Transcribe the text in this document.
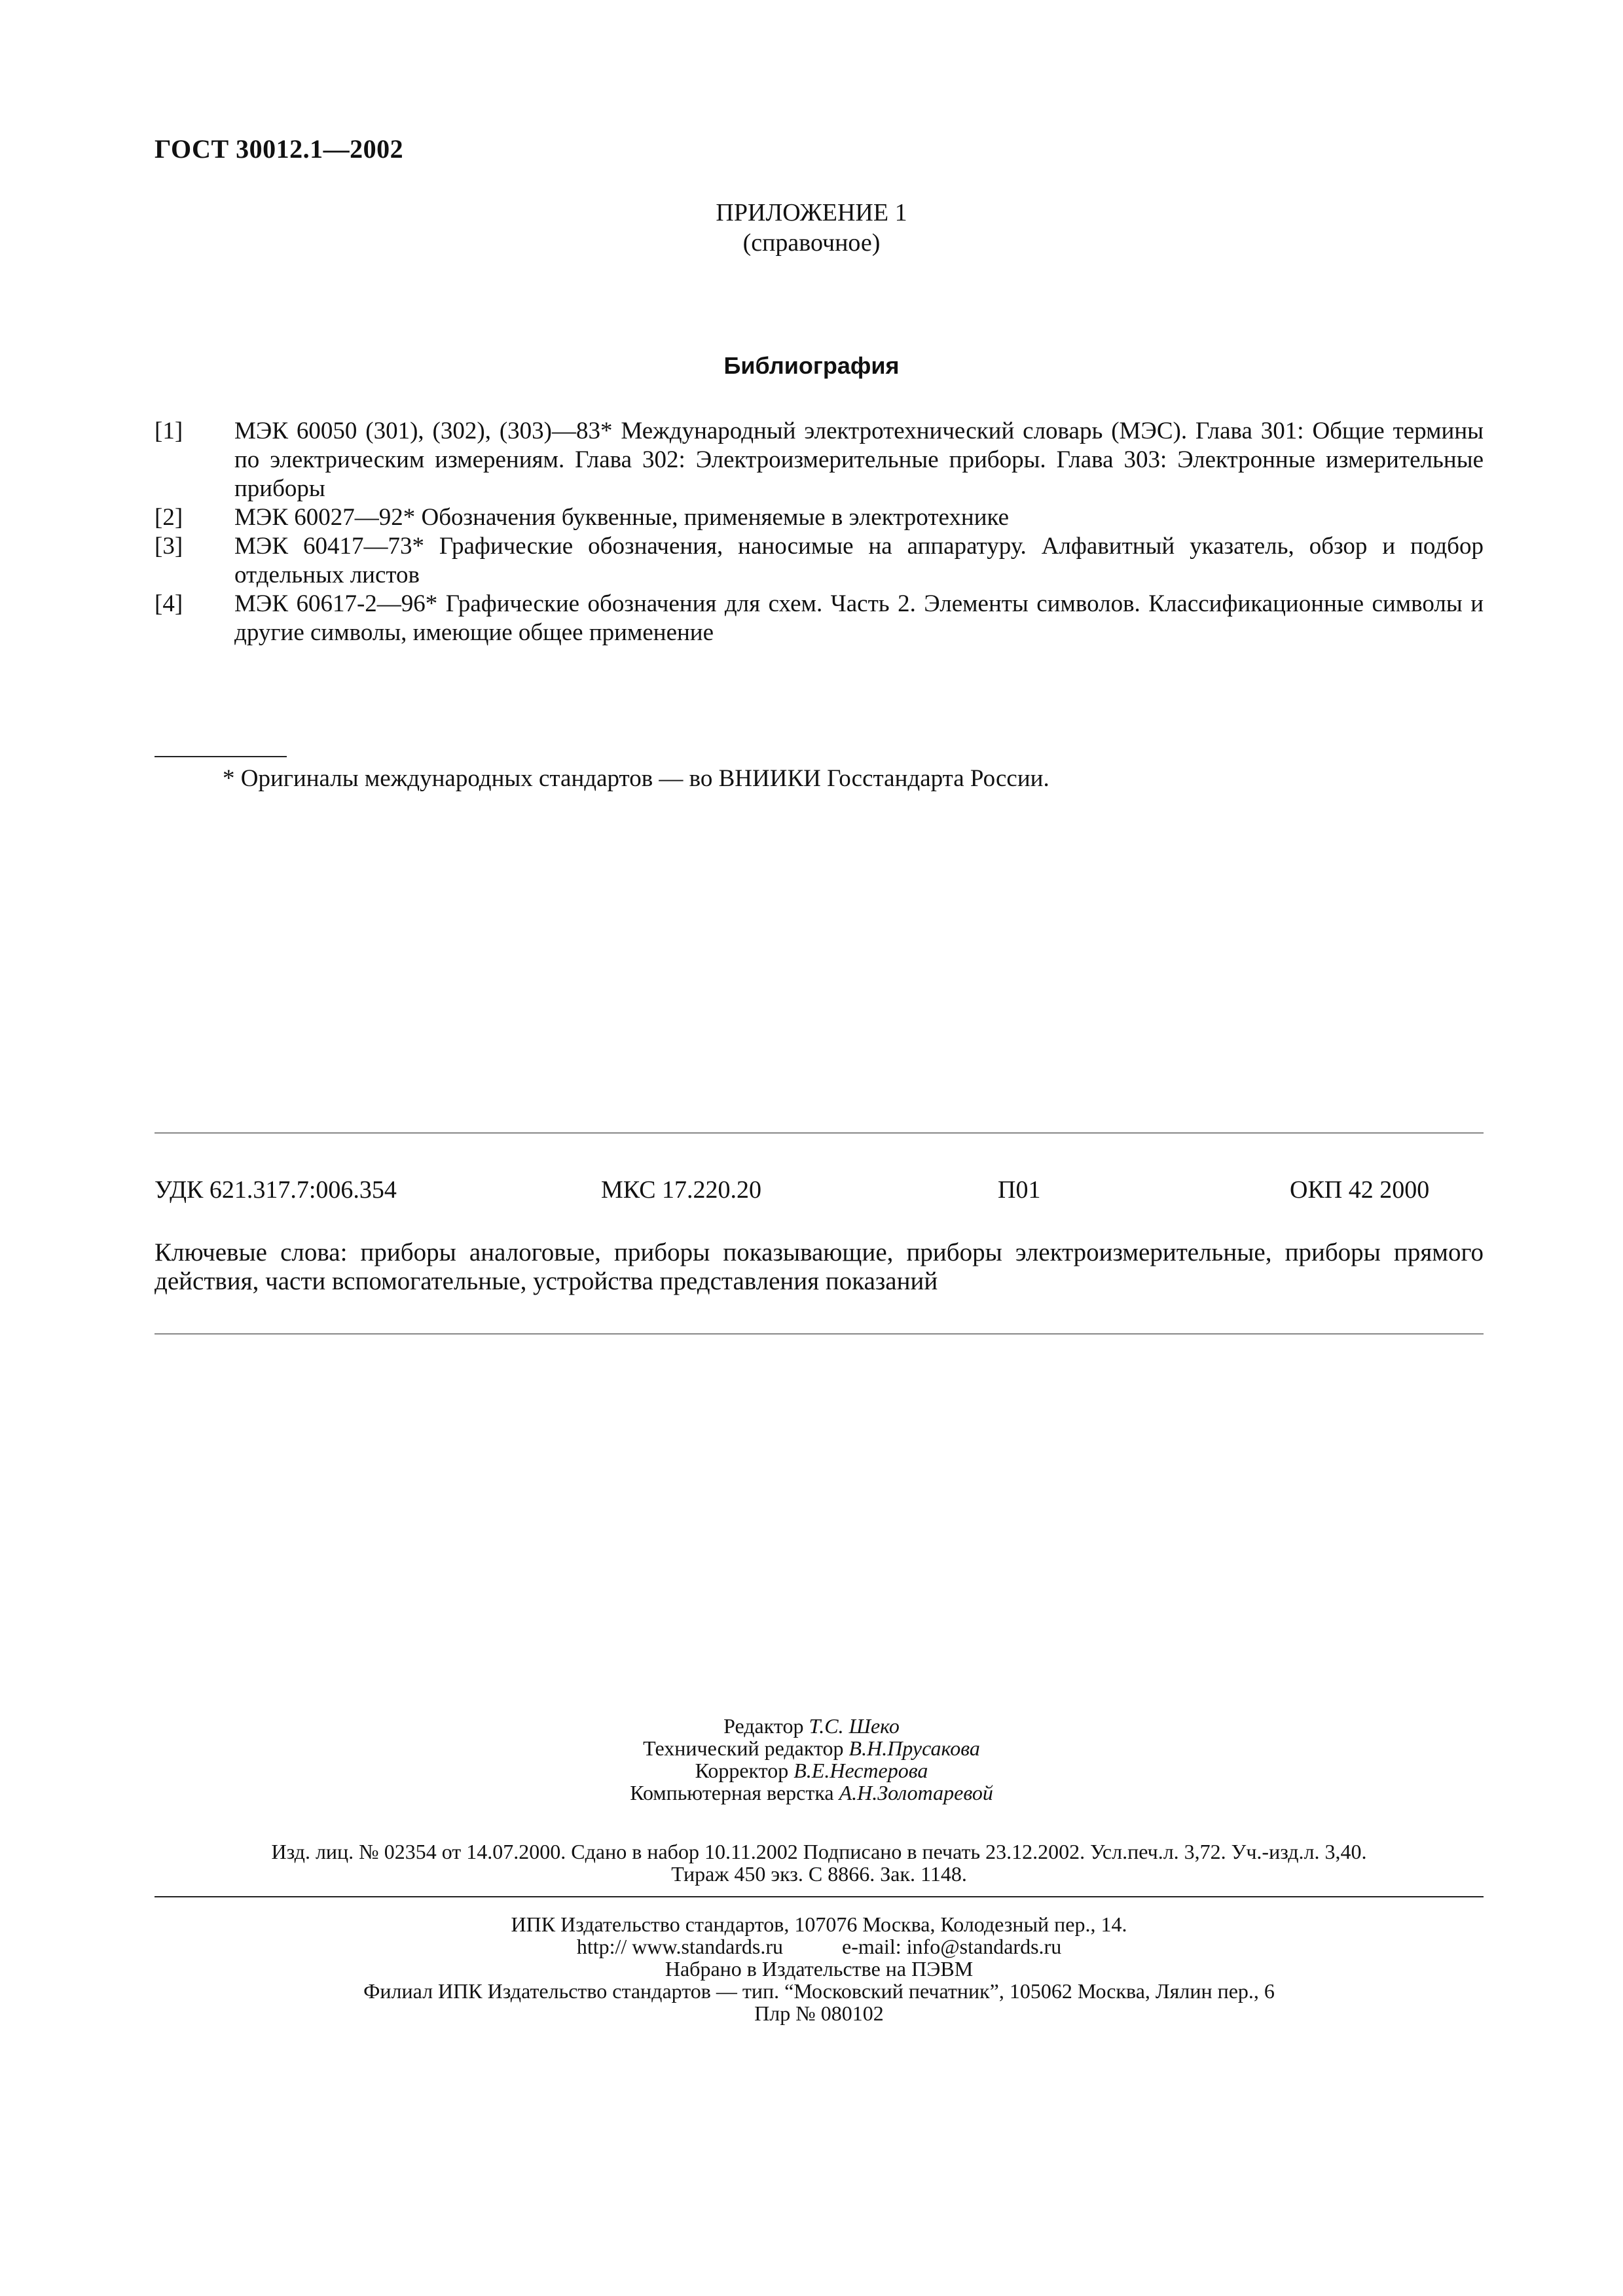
ГОСТ 30012.1—2002
ПРИЛОЖЕНИЕ 1
(справочное)
Библиография
[1]	МЭК 60050 (301), (302), (303)—83* Международный электротехнический словарь (МЭС). Глава 301: Общие термины по электрическим измерениям. Глава 302: Электроизмерительные приборы. Глава 303: Электронные измерительные приборы
[2]	МЭК 60027—92* Обозначения буквенные, применяемые в электротехнике
[3]	МЭК 60417—73* Графические обозначения, наносимые на аппаратуру. Алфавитный указатель, обзор и подбор отдельных листов
[4]	МЭК 60617-2—96* Графические обозначения для схем. Часть 2. Элементы символов. Классификационные символы и другие символы, имеющие общее применение
* Оригиналы международных стандартов — во ВНИИКИ Госстандарта России.
УДК 621.317.7:006.354	МКС 17.220.20	П01	ОКП 42 2000
Ключевые слова: приборы аналоговые, приборы показывающие, приборы электроизмерительные, приборы прямого действия, части вспомогательные, устройства представления показаний
Редактор Т.С. Шеко
Технический редактор В.Н.Прусакова
Корректор В.Е.Нестерова
Компьютерная верстка А.Н.Золотаревой
Изд. лиц. № 02354 от 14.07.2000. Сдано в набор 10.11.2002 Подписано в печать 23.12.2002. Усл.печ.л. 3,72. Уч.-изд.л. 3,40.
Тираж 450 экз. С 8866. Зак. 1148.
ИПК Издательство стандартов, 107076 Москва, Колодезный пер., 14.
http:// www.standards.ru	e-mail: info@standards.ru
Набрано в Издательстве на ПЭВМ
Филиал ИПК Издательство стандартов — тип. “Московский печатник”, 105062 Москва, Лялин пер., 6
Плр № 080102
